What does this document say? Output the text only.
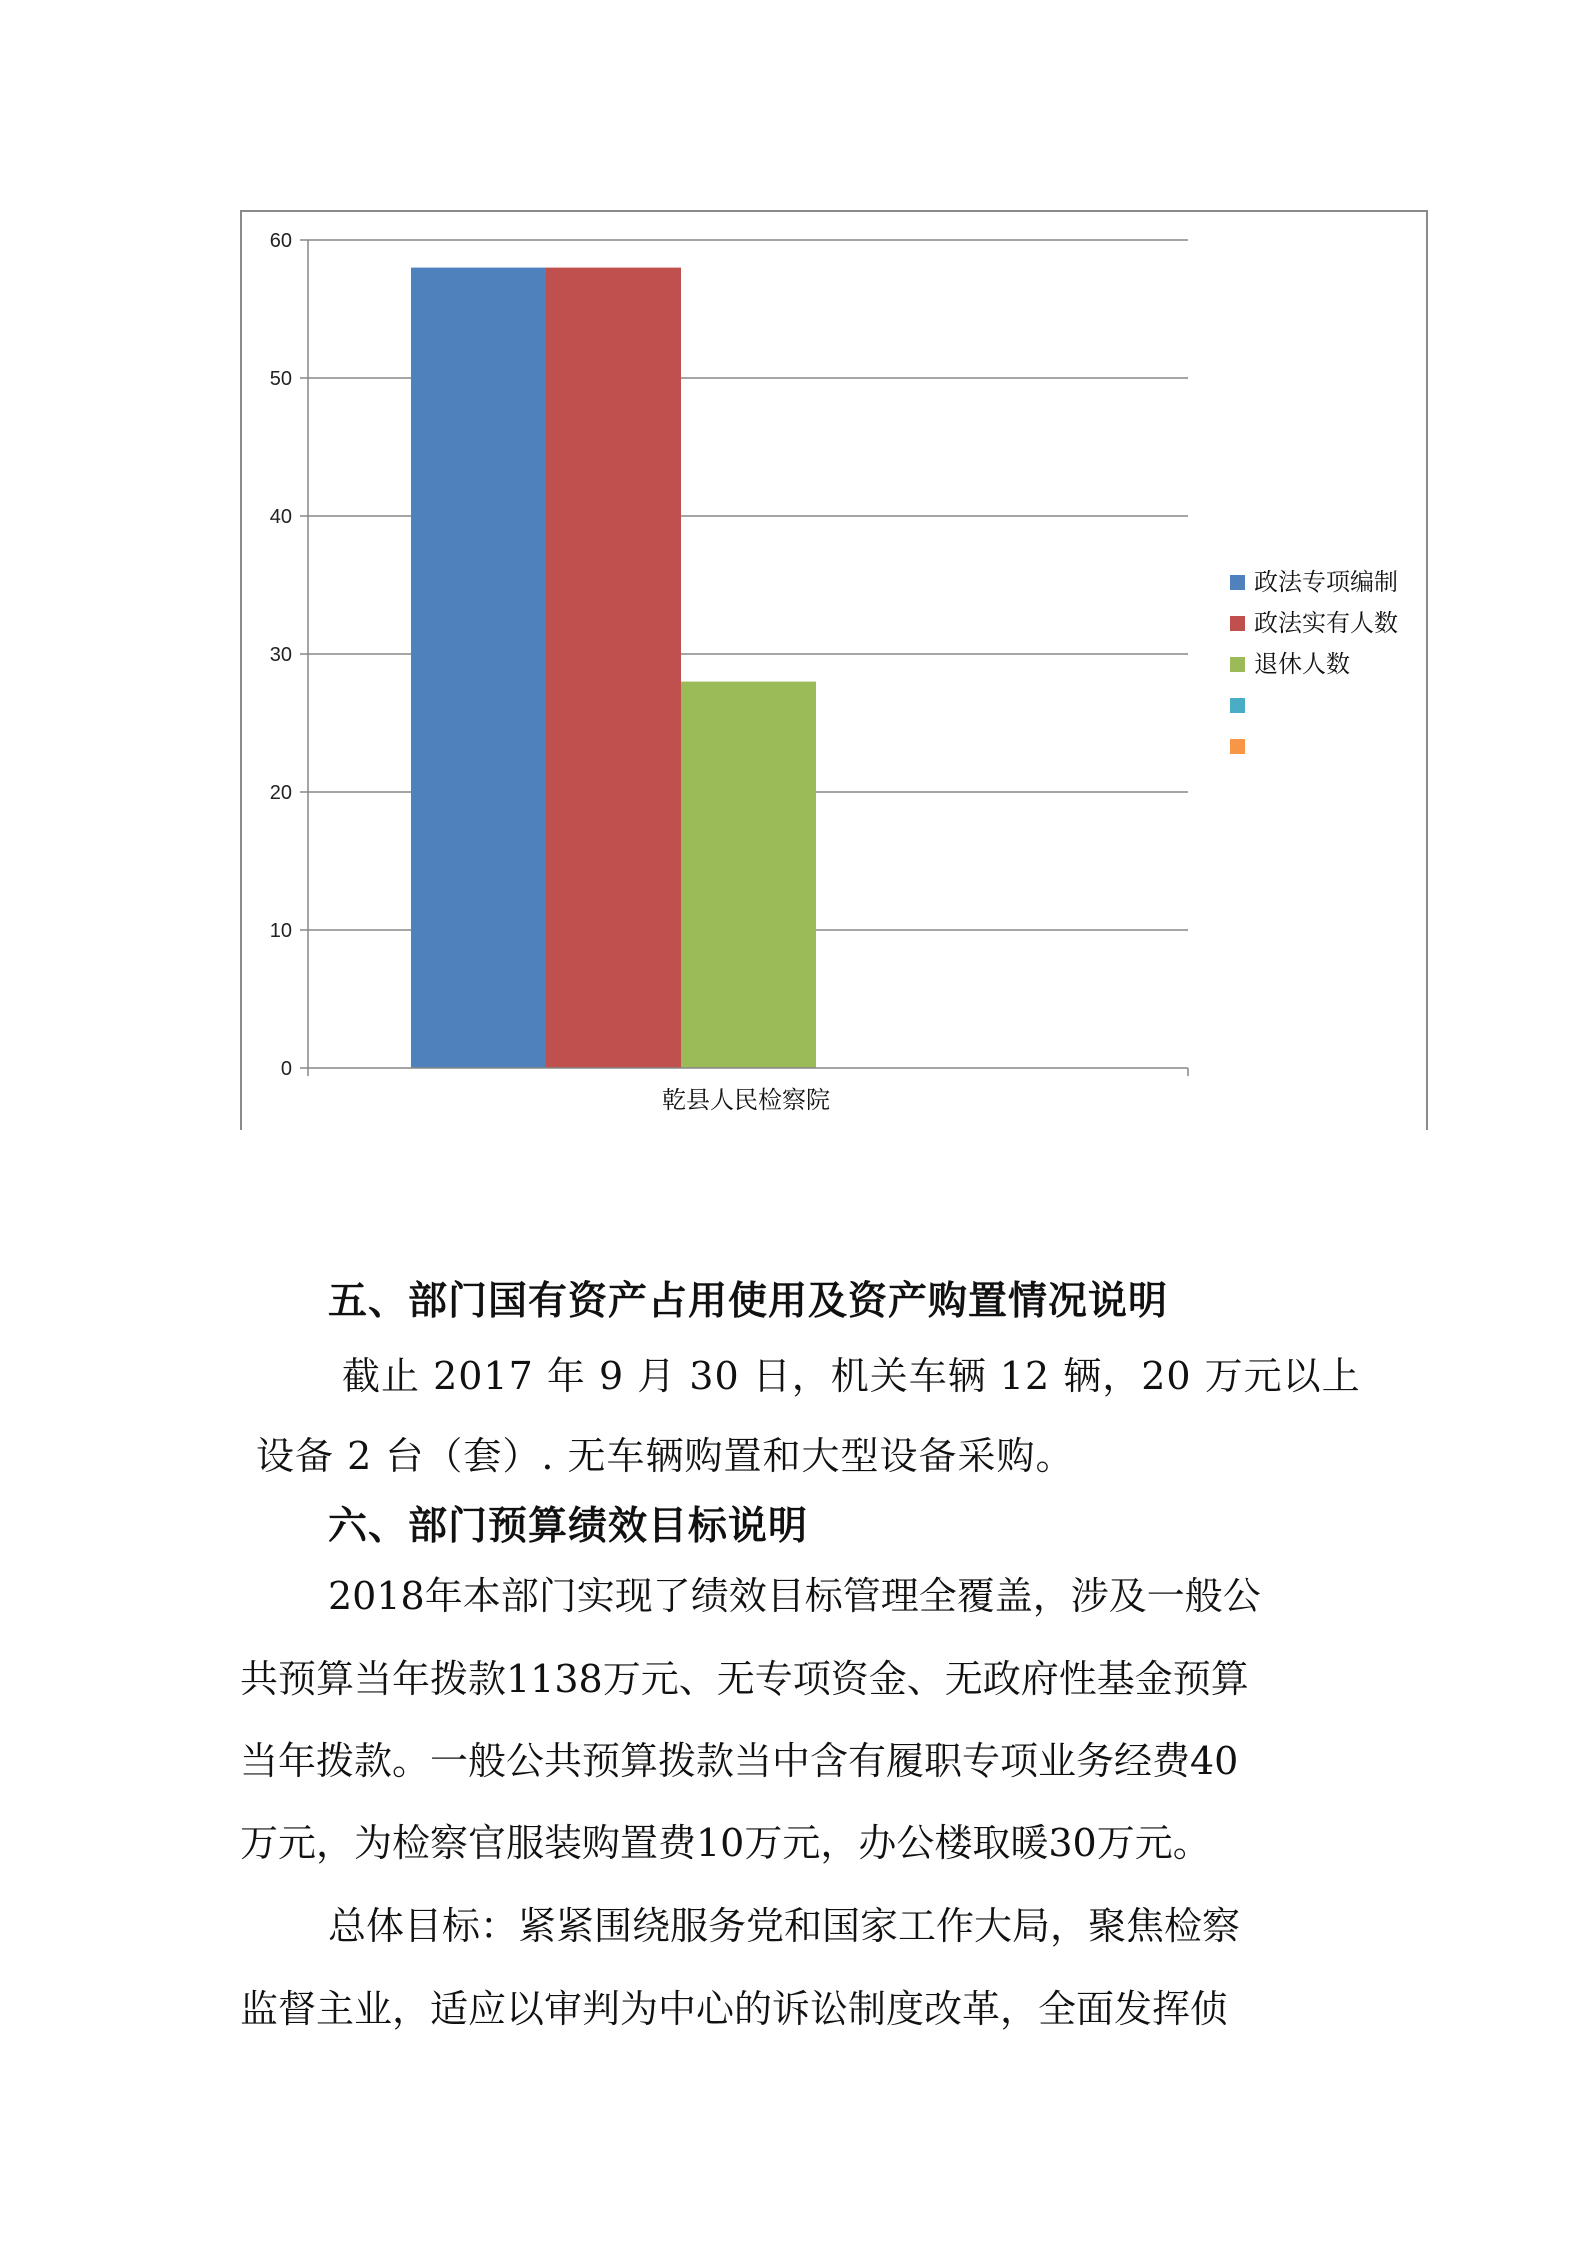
0
10
20
30
40
50
60
乾县人民检察院
政法专项编制
政法实有人数
退休人数
五、部门国有资产占用使用及资产购置情况说明
截止 2017 年 9 月 30 日，机关车辆 12 辆，20 万元以上
设备 2 台（套）. 无车辆购置和大型设备采购。
六、部门预算绩效目标说明
2018年本部门实现了绩效目标管理全覆盖，涉及一般公
共预算当年拨款1138万元、无专项资金、无政府性基金预算
当年拨款。一般公共预算拨款当中含有履职专项业务经费40
万元，为检察官服装购置费10万元，办公楼取暖30万元。
总体目标：紧紧围绕服务党和国家工作大局，聚焦检察
监督主业，适应以审判为中心的诉讼制度改革，全面发挥侦
